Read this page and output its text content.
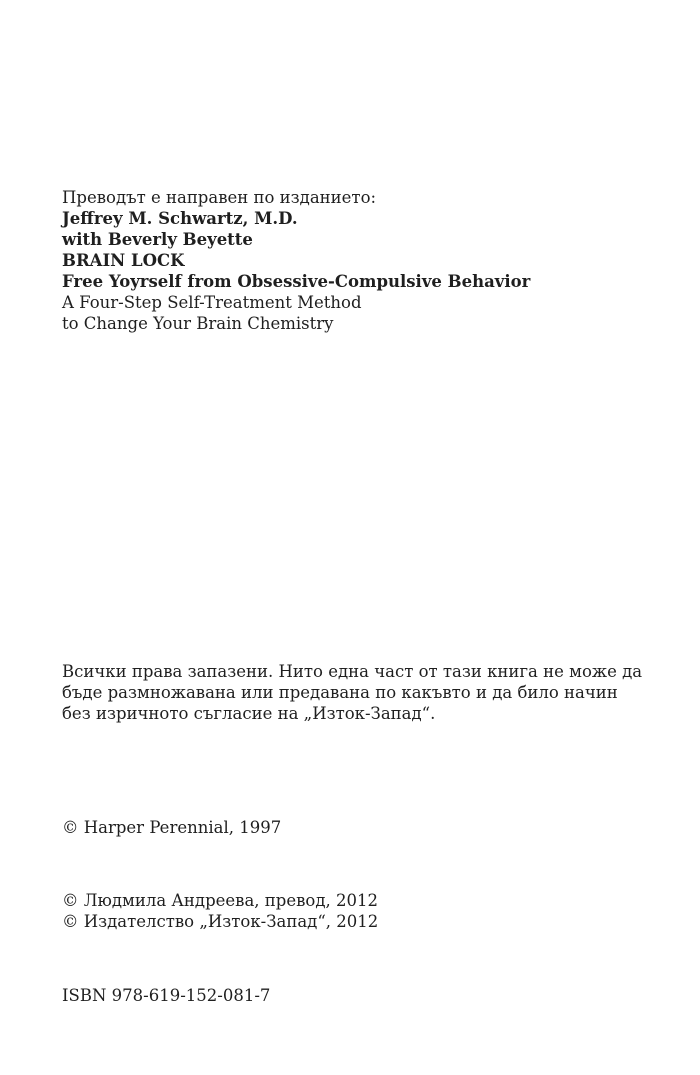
Преводът е направен по изданието:
Jeffrey M. Schwartz, M.D.
with Beverly Beyette
BRAIN LOCK
Free Yoyrself from Obsessive-Compulsive Behavior
A Four-Step Self-Treatment Method
to Change Your Brain Chemistry
Всички права запазени. Нито една част от тази книга не може да
бъде размножавана или предавана по какъвто и да било начин
без изричното съгласие на „Изток-Запад“.
© Harper Perennial, 1997
© Людмила Андреева, превод, 2012
© Издателство „Изток-Запад“, 2012
ISBN 978-619-152-081-7
